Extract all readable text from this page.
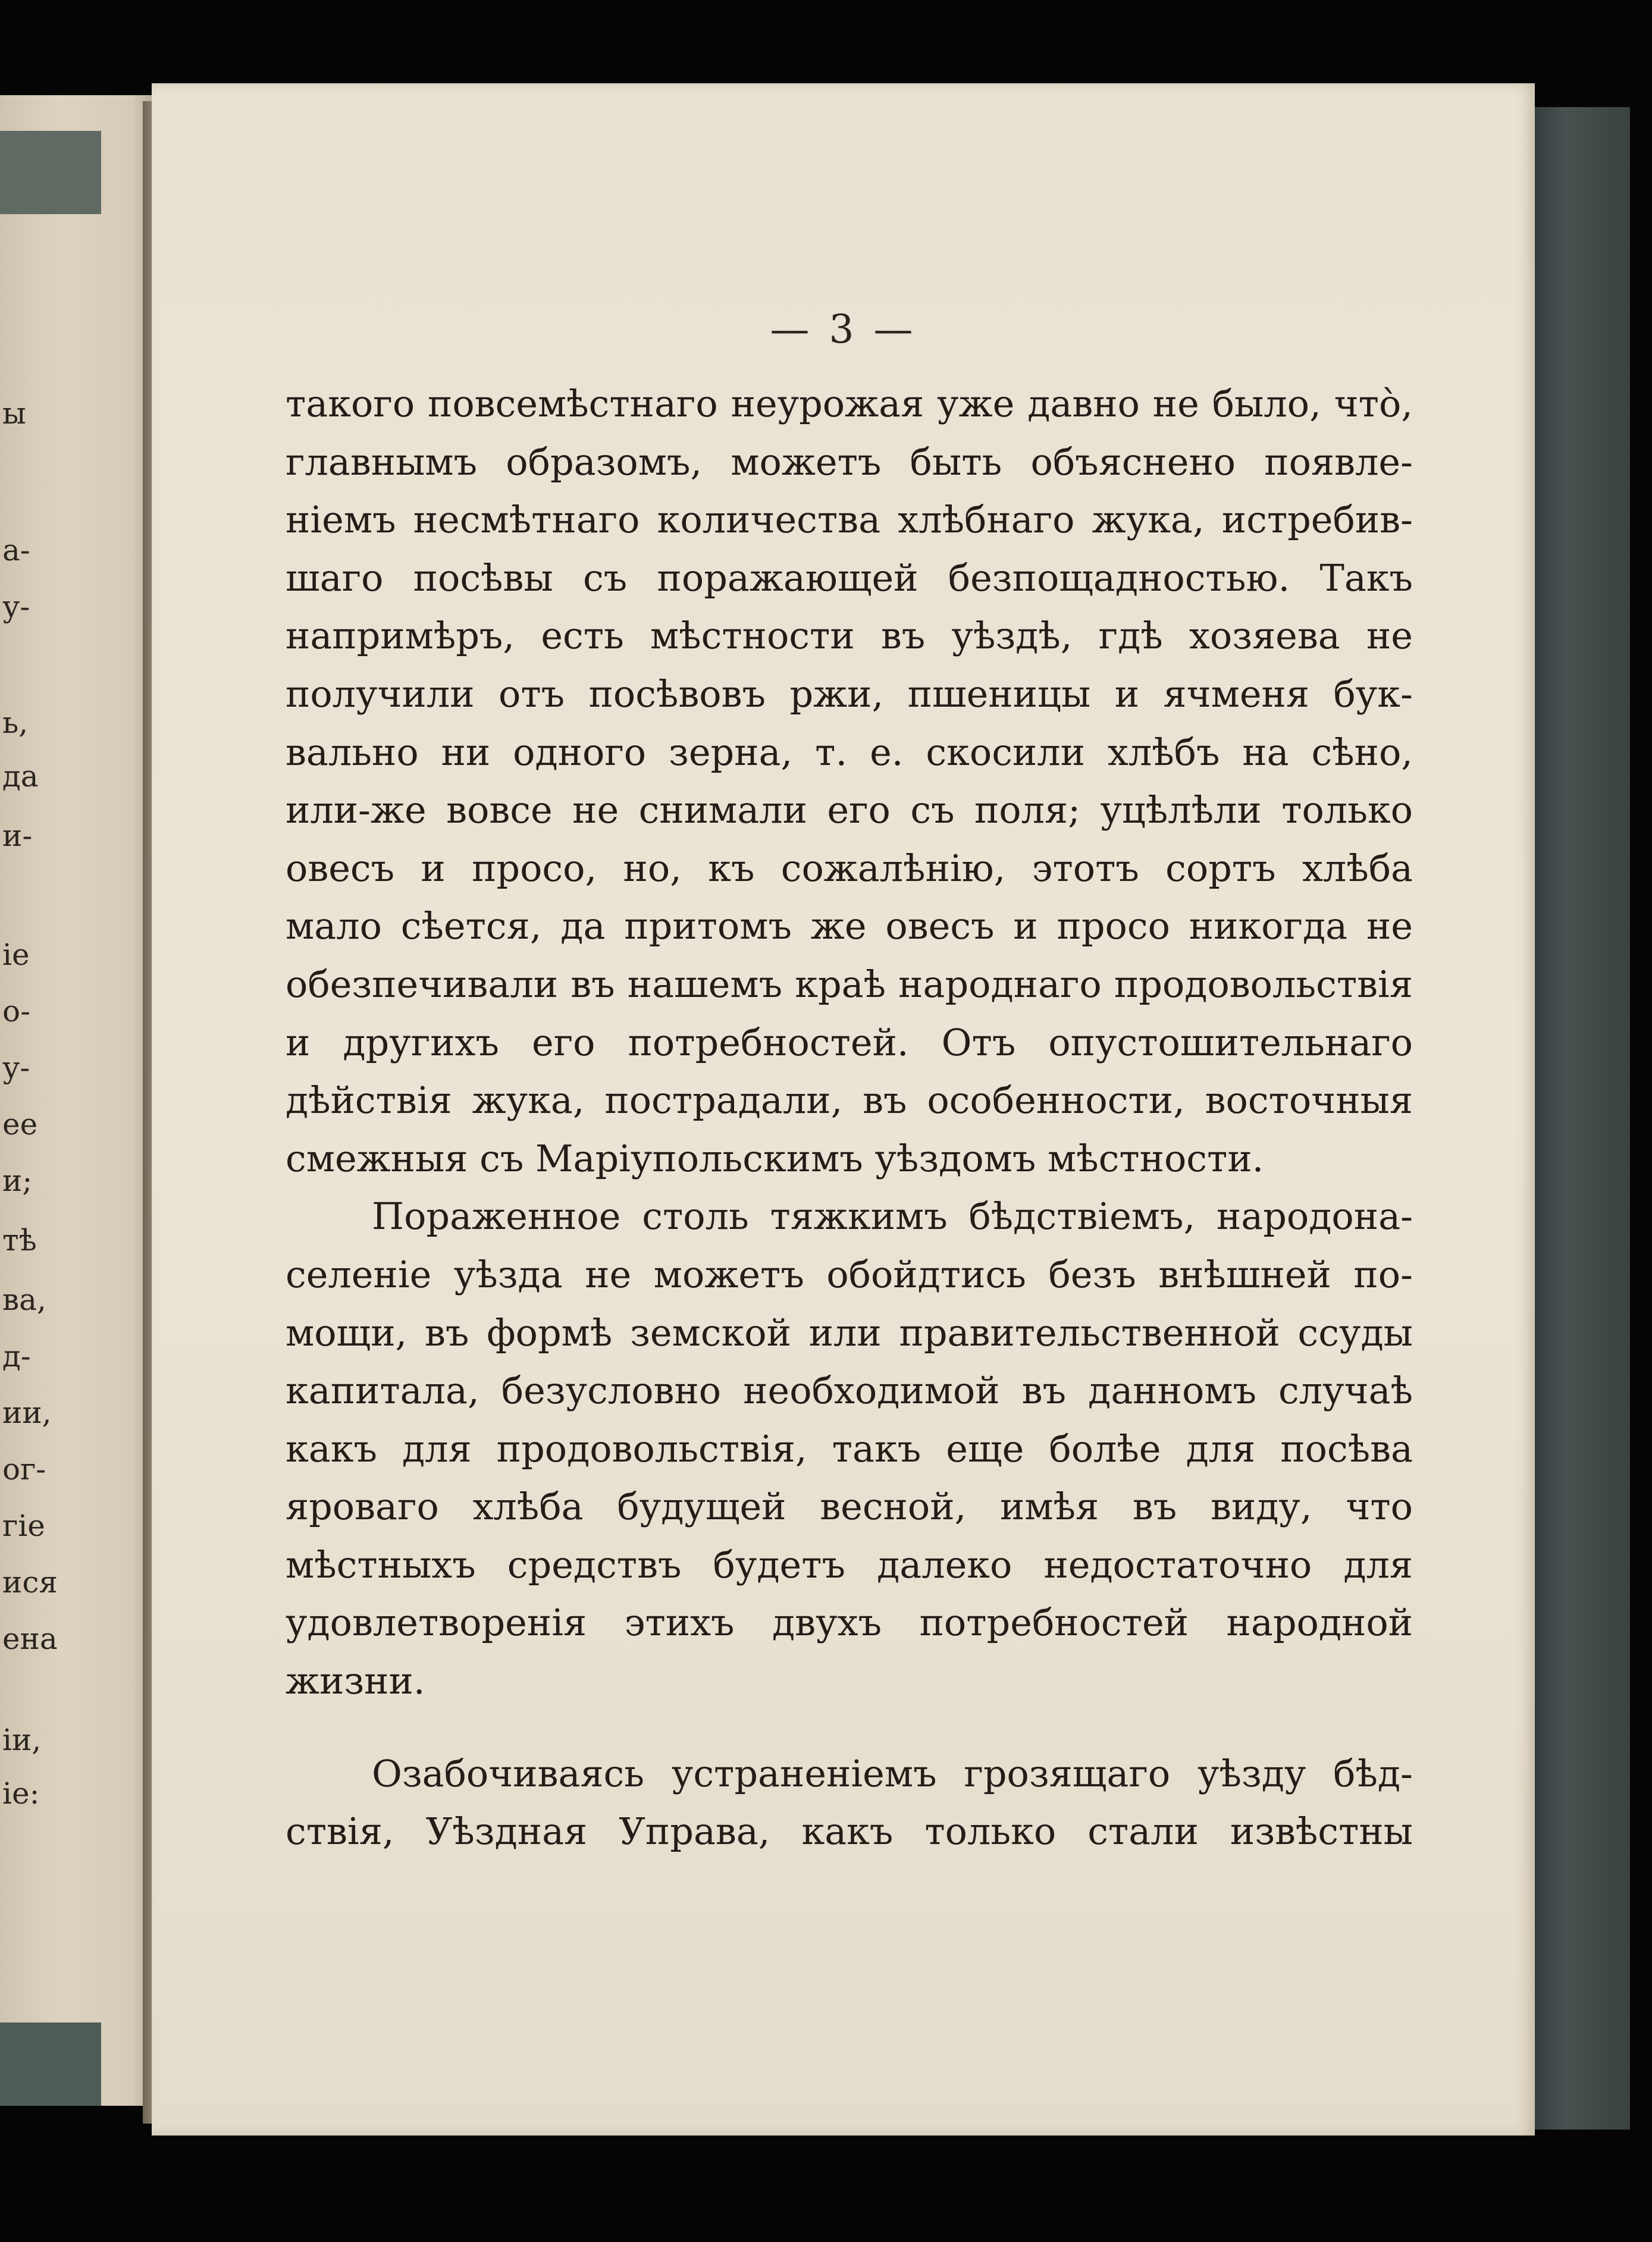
ы
а-
у-
ь,
да
и-
іе
о-
у-
ее
и;
тѣ
ва,
д-
ии,
ог-
гіе
ися
ена
іи,
іе:
— 3 —

такого повсемѣстнаго неурожая уже давно не было, что̀,

главнымъ образомъ, можетъ быть объяснено появле-

ніемъ несмѣтнаго количества хлѣбнаго жука, истребив-

шаго посѣвы съ поражающей безпощадностью. Такъ

напримѣръ, есть мѣстности въ уѣздѣ, гдѣ хозяева не

получили отъ посѣвовъ ржи, пшеницы и ячменя бук-

вально ни одного зерна, т. е. скосили хлѣбъ на сѣно,

или-же вовсе не снимали его съ поля; уцѣлѣли только

овесъ и просо, но, къ сожалѣнію, этотъ сортъ хлѣба

мало сѣется, да притомъ же овесъ и просо никогда не

обезпечивали въ нашемъ краѣ народнаго продовольствія

и другихъ его потребностей. Отъ опустошительнаго

дѣйствія жука, пострадали, въ особенности, восточныя

смежныя съ Маріупольскимъ уѣздомъ мѣстности.

Пораженное столь тяжкимъ бѣдствіемъ, народона-

селеніе уѣзда не можетъ обойдтись безъ внѣшней по-

мощи, въ формѣ земской или правительственной ссуды

капитала, безусловно необходимой въ данномъ случаѣ

какъ для продовольствія, такъ еще болѣе для посѣва

яроваго хлѣба будущей весной, имѣя въ виду, что

мѣстныхъ средствъ будетъ далеко недостаточно для

удовлетворенія этихъ двухъ потребностей народной

жизни.

Озабочиваясь устраненіемъ грозящаго уѣзду бѣд-

ствія, Уѣздная Управа, какъ только стали извѣстны
